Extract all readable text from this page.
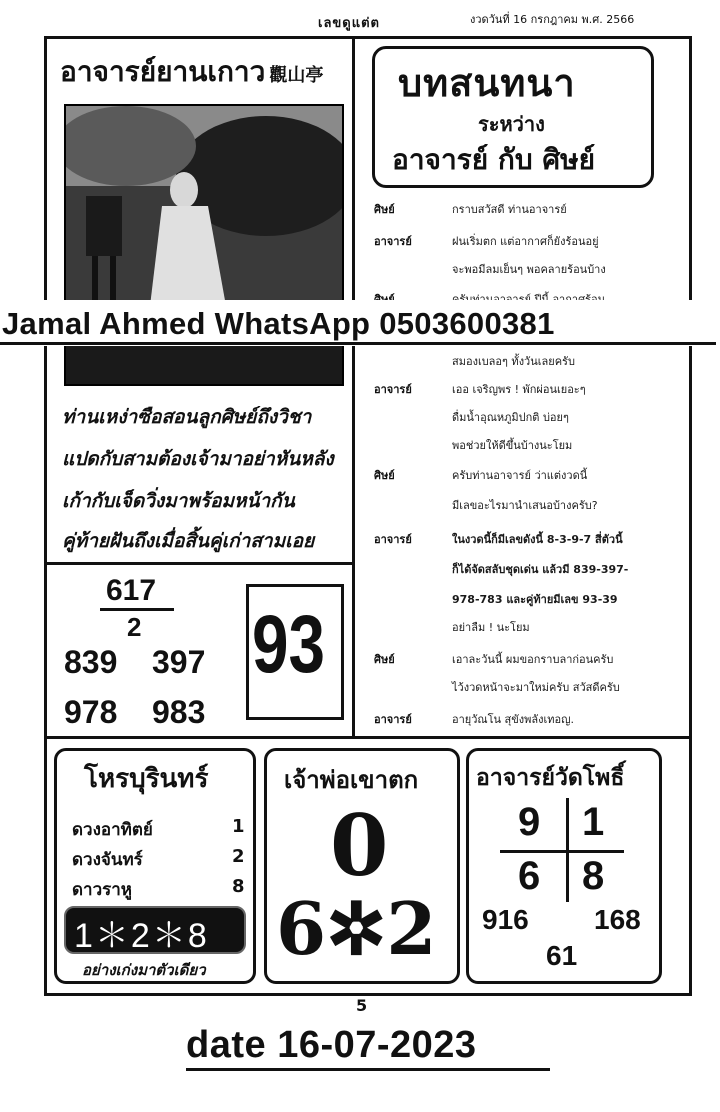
เลขดูแต่ต	งวดวันที่ 16 กรกฎาคม พ.ศ. 2566
อาจารย์ยานเกาว 觀山亭
ท่านเหง่าซือสอนลูกศิษย์ถึงวิชา
แปดกับสามต้องเจ้ามาอย่าหันหลัง
เก้ากับเจ็ดวิ่งมาพร้อมหน้ากัน
คู่ท้ายฝันถึงเมื่อสิ้นคู่เก่าสามเอย
617
2
839 397
978 983
93
บทสนทนา
ระหว่าง
อาจารย์ กับ ศิษย์
ศิษย์	กราบสวัสดี ท่านอาจารย์
อาจารย์	ฝนเริ่มตก แต่อากาศก็ยังร้อนอยู่
จะพอมีลมเย็นๆ พอคลายร้อนบ้าง
สมองเบลอๆ ทั้งวันเลยครับ
อาจารย์	เออ เจริญพร ! พักผ่อนเยอะๆ
ดื่มน้ำอุณหภูมิปกติ บ่อยๆ
พอช่วยให้ดีขึ้นบ้างนะโยม
ศิษย์	ครับท่านอาจารย์ ว่าแต่งวดนี้
มีเลขอะไรมานำเสนอบ้างครับ?
อาจารย์	ในงวดนี้ก็มีเลขดังนี้ 8-3-9-7 สี่ตัวนี้
ก็ได้จัดสลับชุดเด่น แล้วมี 839-397-
978-783 และคู่ท้ายมีเลข 93-39
อย่าลืม ! นะโยม
ศิษย์	เอาละวันนี้ ผมขอกราบลาก่อนครับ
ไว้งวดหน้าจะมาใหม่ครับ สวัสดีครับ
อาจารย์	อายุวัณโน สุขังพลังเทอญ.
Jamal Ahmed WhatsApp 0503600381
โหรบุรินทร์
ดวงอาทิตย์	1
ดวงจันทร์	2
ดาวราหู	8
1＊2＊8
อย่างเก่งมาตัวเดียว
เจ้าพ่อเขาตก
0
6✲2
อาจารย์วัดโพธิ์
9 1
6 8
916 168
61
5
date 16-07-2023
